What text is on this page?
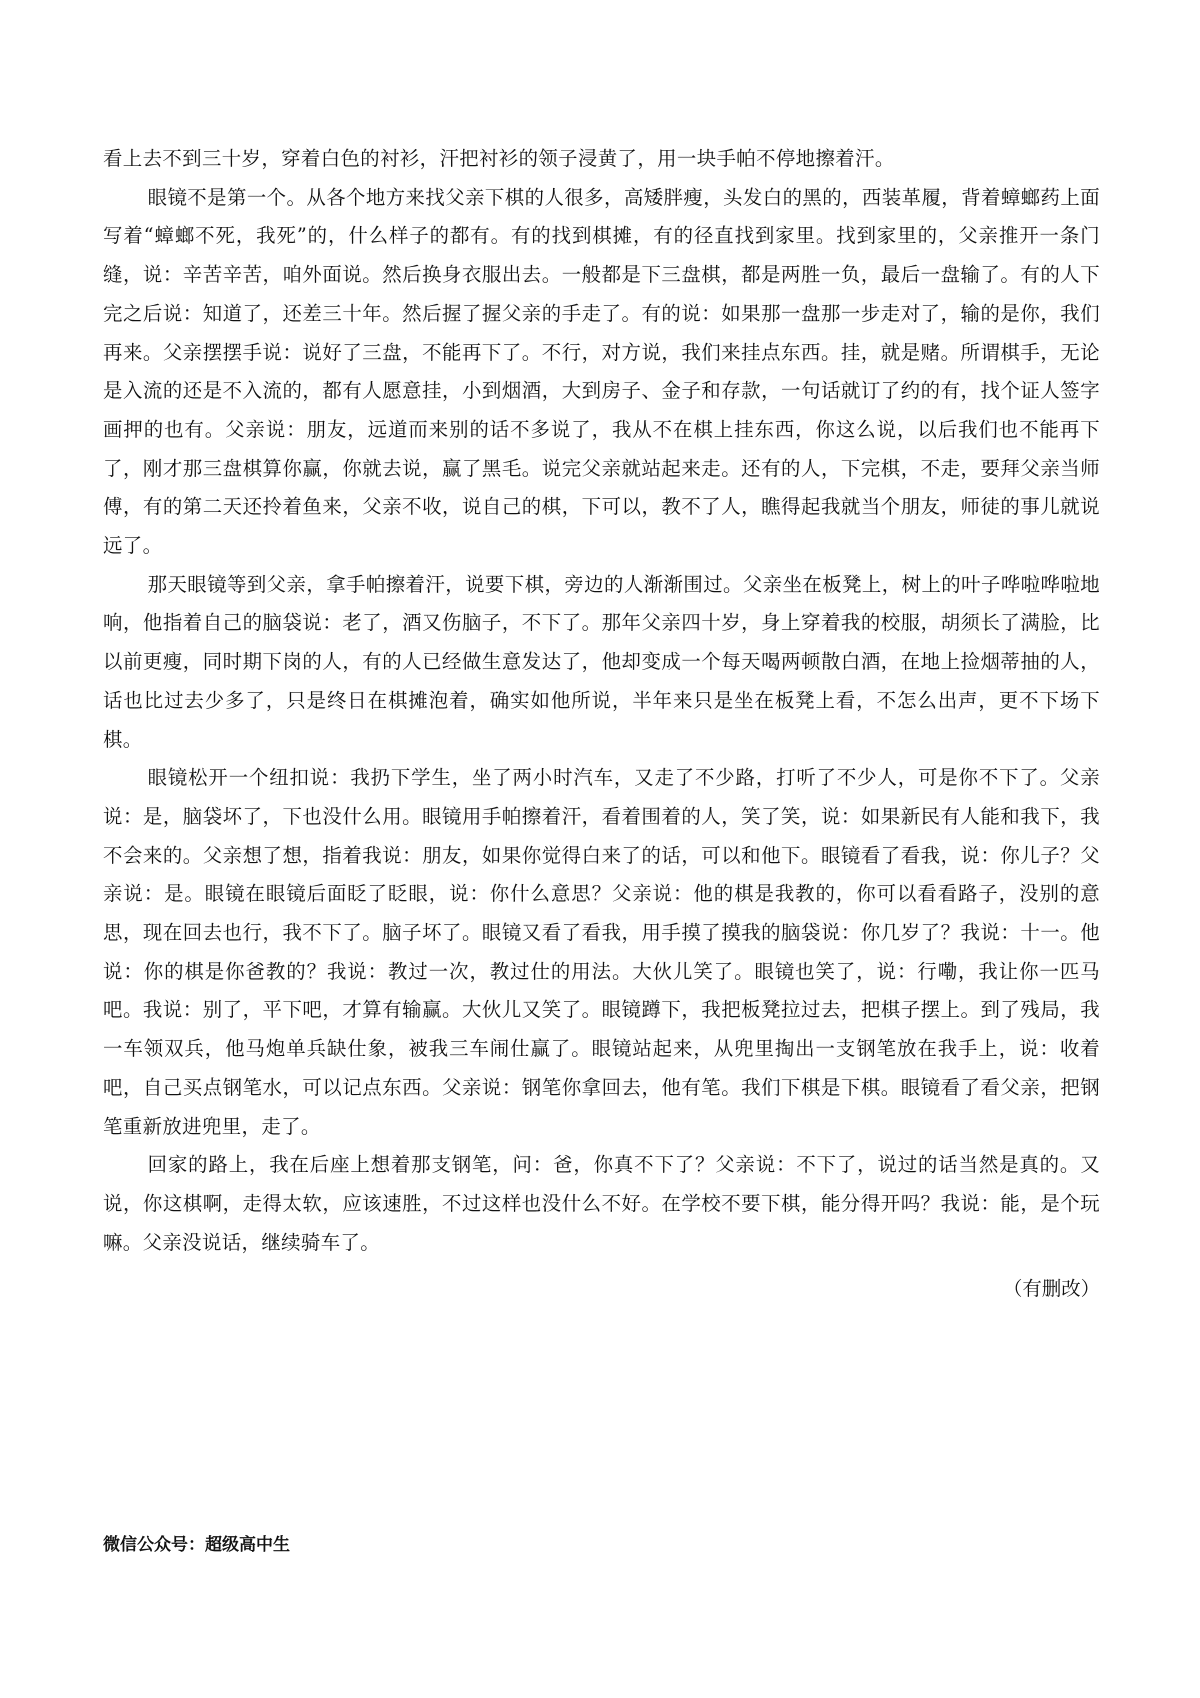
看上去不到三十岁，穿着白色的衬衫，汗把衬衫的领子浸黄了，用一块手帕不停地擦着汗。

眼镜不是第一个。从各个地方来找父亲下棋的人很多，高矮胖瘦，头发白的黑的，西装革履，背着蟑螂药上面写着“蟑螂不死，我死”的，什么样子的都有。有的找到棋摊，有的径直找到家里。找到家里的，父亲推开一条门缝，说：辛苦辛苦，咱外面说。然后换身衣服出去。一般都是下三盘棋，都是两胜一负，最后一盘输了。有的人下完之后说：知道了，还差三十年。然后握了握父亲的手走了。有的说：如果那一盘那一步走对了，输的是你，我们再来。父亲摆摆手说：说好了三盘，不能再下了。不行，对方说，我们来挂点东西。挂，就是赌。所谓棋手，无论是入流的还是不入流的，都有人愿意挂，小到烟酒，大到房子、金子和存款，一句话就订了约的有，找个证人签字画押的也有。父亲说：朋友，远道而来别的话不多说了，我从不在棋上挂东西，你这么说，以后我们也不能再下了，刚才那三盘棋算你赢，你就去说，赢了黑毛。说完父亲就站起来走。还有的人，下完棋，不走，要拜父亲当师傅，有的第二天还拎着鱼来，父亲不收，说自己的棋，下可以，教不了人，瞧得起我就当个朋友，师徒的事儿就说远了。

那天眼镜等到父亲，拿手帕擦着汗，说要下棋，旁边的人渐渐围过。父亲坐在板凳上，树上的叶子哗啦哗啦地响，他指着自己的脑袋说：老了，酒又伤脑子，不下了。那年父亲四十岁，身上穿着我的校服，胡须长了满脸，比以前更瘦，同时期下岗的人，有的人已经做生意发达了，他却变成一个每天喝两顿散白酒，在地上捡烟蒂抽的人，话也比过去少多了，只是终日在棋摊泡着，确实如他所说，半年来只是坐在板凳上看，不怎么出声，更不下场下棋。

眼镜松开一个纽扣说：我扔下学生，坐了两小时汽车，又走了不少路，打听了不少人，可是你不下了。父亲说：是，脑袋坏了，下也没什么用。眼镜用手帕擦着汗，看着围着的人，笑了笑，说：如果新民有人能和我下，我不会来的。父亲想了想，指着我说：朋友，如果你觉得白来了的话，可以和他下。眼镜看了看我，说：你儿子？父亲说：是。眼镜在眼镜后面眨了眨眼，说：你什么意思？父亲说：他的棋是我教的，你可以看看路子，没别的意思，现在回去也行，我不下了。脑子坏了。眼镜又看了看我，用手摸了摸我的脑袋说：你几岁了？我说：十一。他说：你的棋是你爸教的？我说：教过一次，教过仕的用法。大伙儿笑了。眼镜也笑了，说：行嘞，我让你一匹马吧。我说：别了，平下吧，才算有输赢。大伙儿又笑了。眼镜蹲下，我把板凳拉过去，把棋子摆上。到了残局，我一车领双兵，他马炮单兵缺仕象，被我三车闹仕赢了。眼镜站起来，从兜里掏出一支钢笔放在我手上，说：收着吧，自己买点钢笔水，可以记点东西。父亲说：钢笔你拿回去，他有笔。我们下棋是下棋。眼镜看了看父亲，把钢笔重新放进兜里，走了。

回家的路上，我在后座上想着那支钢笔，问：爸，你真不下了？父亲说：不下了，说过的话当然是真的。又说，你这棋啊，走得太软，应该速胜，不过这样也没什么不好。在学校不要下棋，能分得开吗？我说：能，是个玩嘛。父亲没说话，继续骑车了。

（有删改）

微信公众号：超级高中生
